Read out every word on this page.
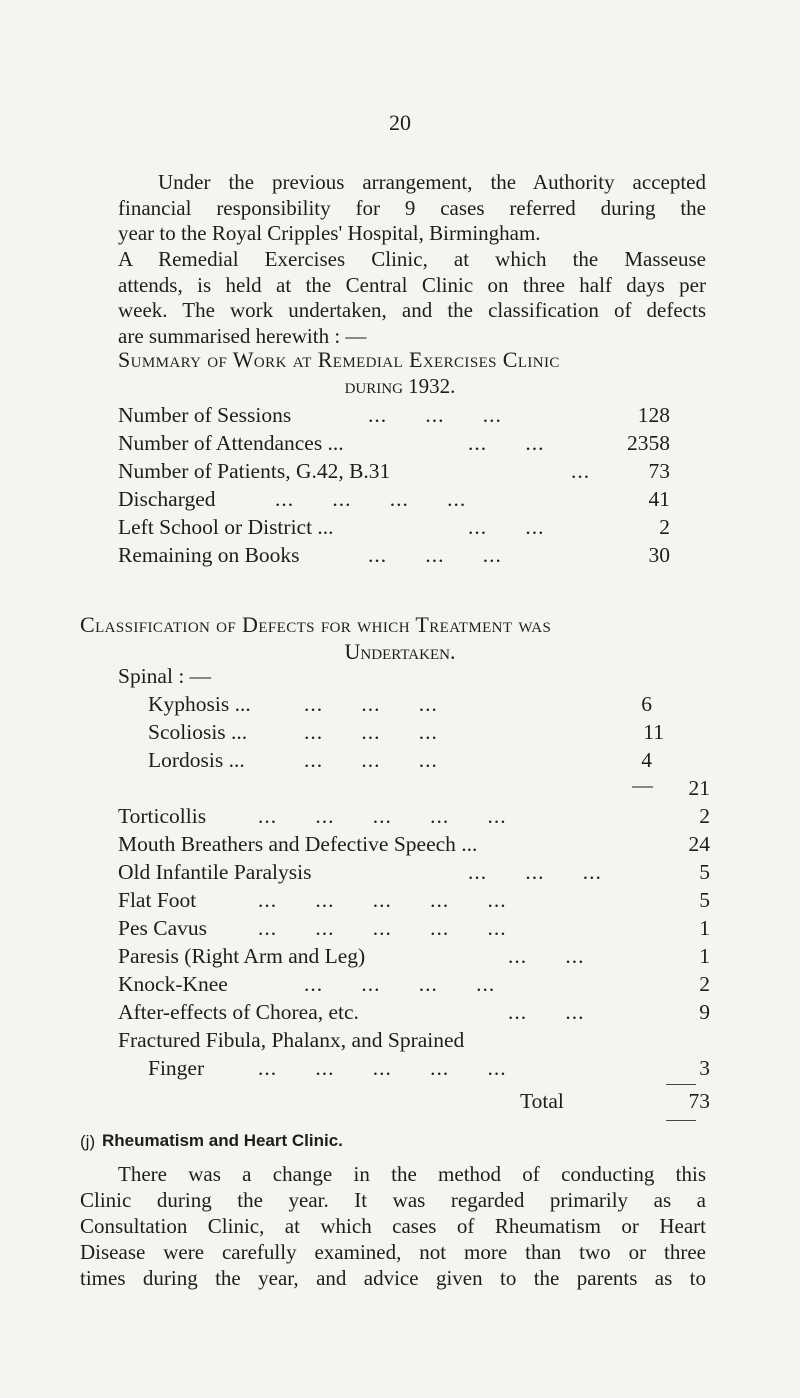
20
Under the previous arrangement, the Authority accepted
financial responsibility for 9 cases referred during the
year to the Royal Cripples' Hospital, Birmingham.
A Remedial Exercises Clinic, at which the Masseuse
attends, is held at the Central Clinic on three half days per
week. The work undertaken, and the classification of defects
are summarised herewith : —
Summary of Work at Remedial Exercises Clinic
during 1932.
Number of Sessions	...      ...      ...	128
Number of Attendances ...	...      ...	2358
Number of Patients, G.42, B.31	...	73
Discharged	...      ...      ...      ...	41
Left School or District ...	...      ...	2
Remaining on Books	...      ...      ...	30
Classification of Defects for which Treatment was
Undertaken.
Spinal : —
Kyphosis ... ...      ...      ...	6
Scoliosis ...	...      ...      ...	11
Lordosis ...	...      ...      ...	4
—	21
Torticollis ...      ...      ...      ...      ...	2
Mouth Breathers and Defective Speech ...	24
Old Infantile Paralysis	...      ...      ...	5
Flat Foot	...      ...      ...      ...      ...	5
Pes Cavus ...      ...      ...      ...      ...	1
Paresis (Right Arm and Leg)	...      ...	1
Knock-Knee	...      ...      ...      ...	2
After-effects of Chorea, etc.	...      ...	9
Fractured Fibula, Phalanx, and Sprained
Finger	...      ...      ...      ...      ...	3
Total	73
(j) Rheumatism and Heart Clinic.
There was a change in the method of conducting this
Clinic during the year. It was regarded primarily as a
Consultation Clinic, at which cases of Rheumatism or Heart
Disease were carefully examined, not more than two or three
times during the year, and advice given to the parents as to
